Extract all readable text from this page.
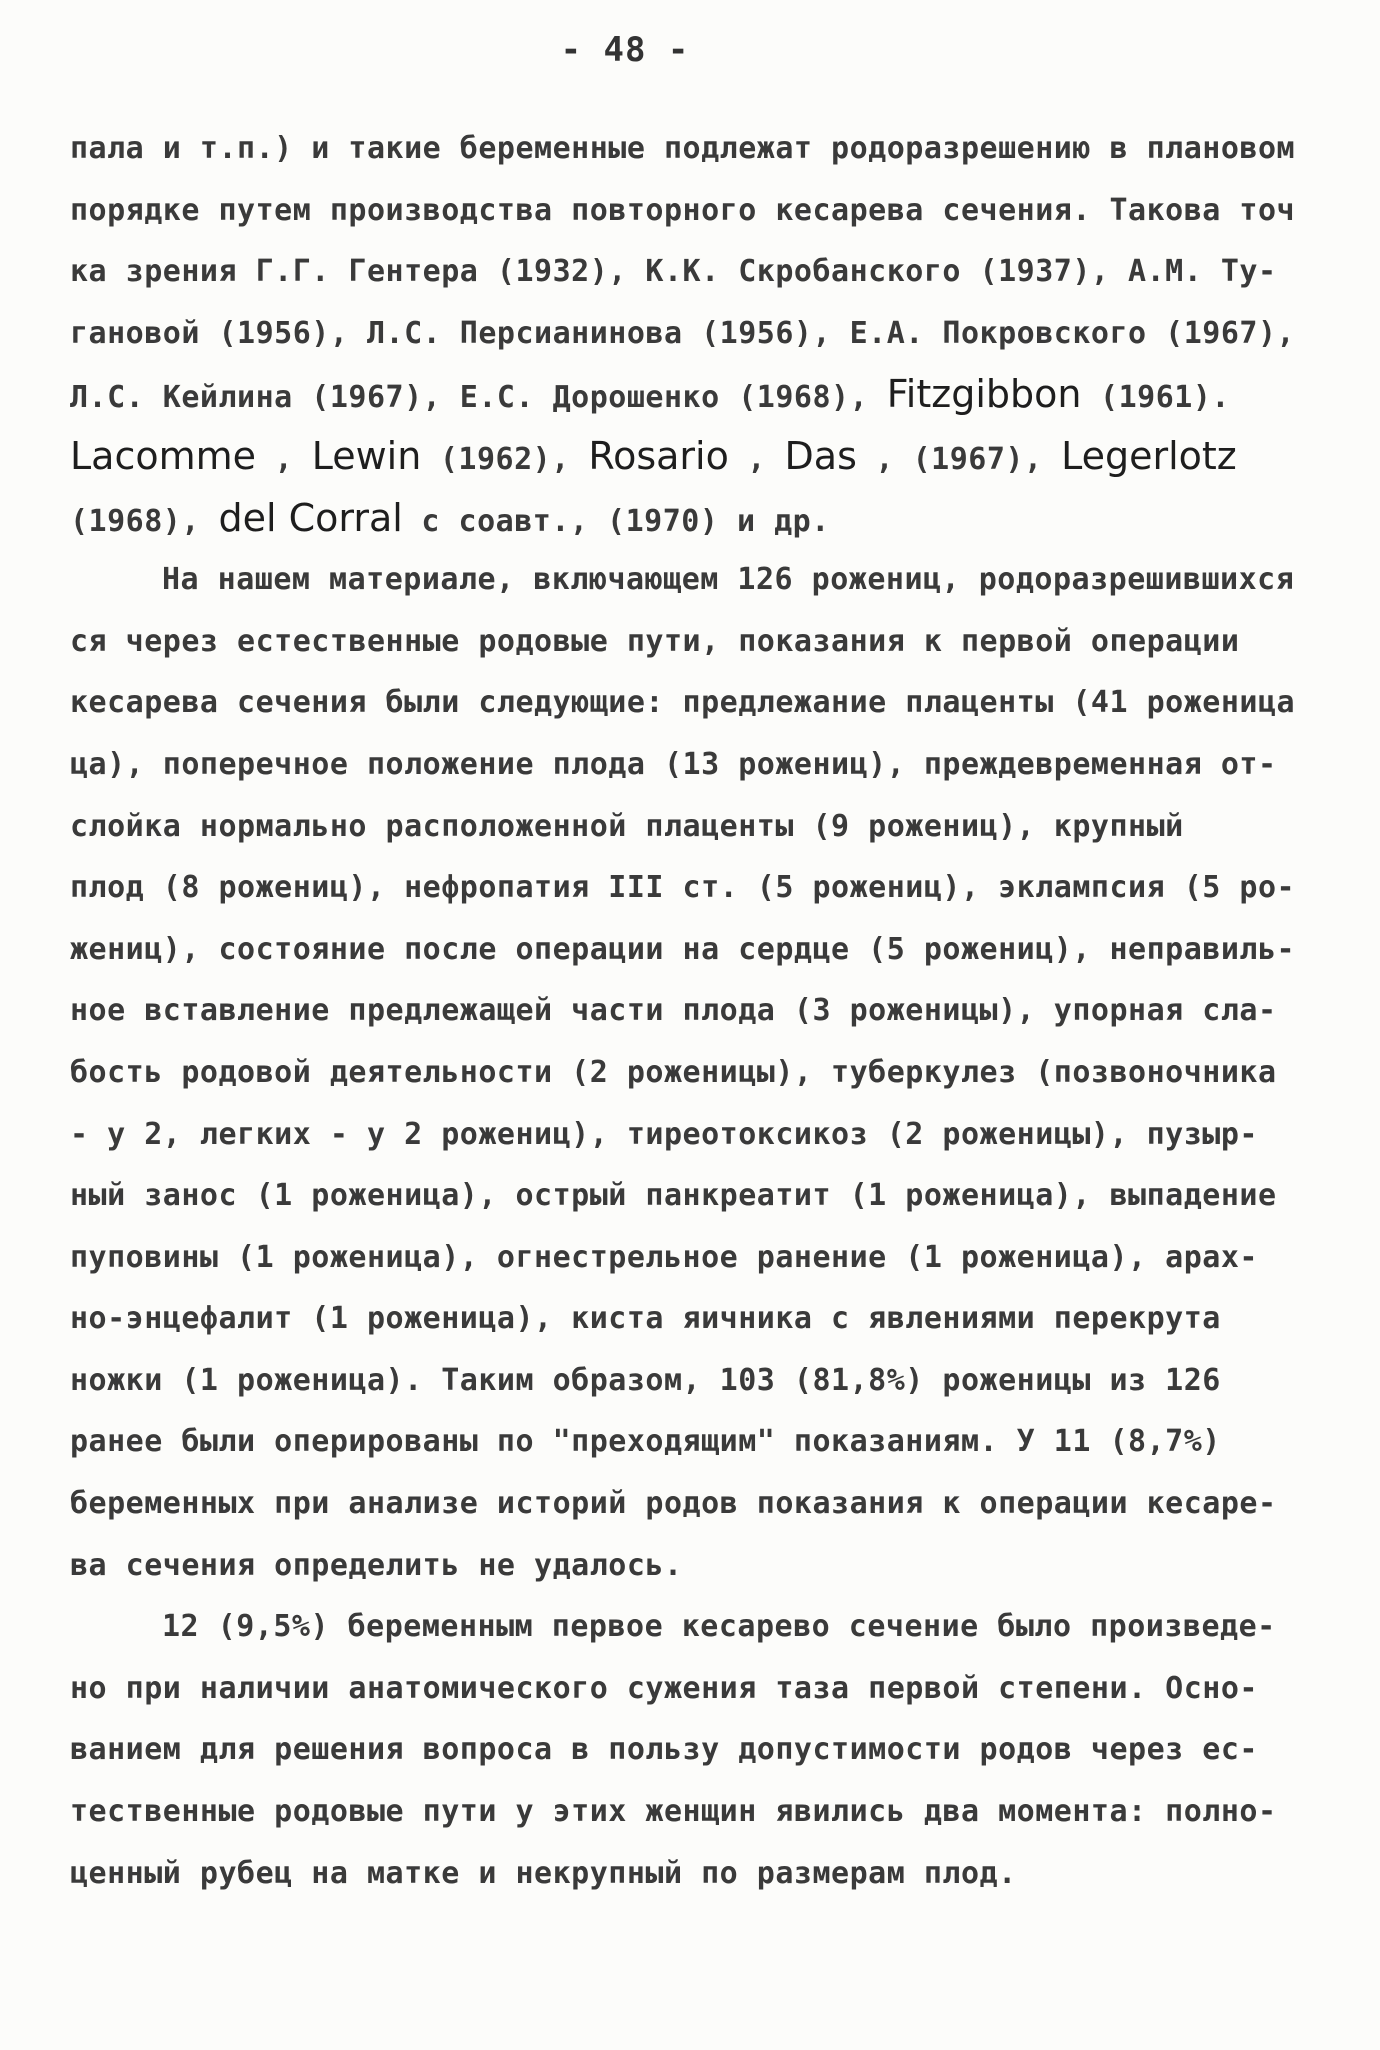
- 48 -
пала и т.п.) и такие беременные подлежат родоразрешению в плановом
порядке путем производства повторного кесарева сечения. Такова точ
ка зрения Г.Г. Гентера (1932), К.К. Скробанского (1937), А.М. Ту-
гановой (1956), Л.С. Персианинова (1956), Е.А. Покровского (1967),
Л.С. Кейлина (1967), Е.С. Дорошенко (1968), Fitzgibbon (1961).
Lacomme , Lewin (1962), Rosario , Das , (1967), Legerlotz
(1968), del Corral с соавт., (1970) и др.
На нашем материале, включающем 126 рожениц, родоразрешившихся
ся через естественные родовые пути, показания к первой операции
кесарева сечения были следующие: предлежание плаценты (41 роженица
ца), поперечное положение плода (13 рожениц), преждевременная от-
слойка нормально расположенной плаценты (9 рожениц), крупный
плод (8 рожениц), нефропатия III ст. (5 рожениц), эклампсия (5 ро-
жениц), состояние после операции на сердце (5 рожениц), неправиль-
ное вставление предлежащей части плода (3 роженицы), упорная сла-
бость родовой деятельности (2 роженицы), туберкулез (позвоночника
- у 2, легких - у 2 рожениц), тиреотоксикоз (2 роженицы), пузыр-
ный занос (1 роженица), острый панкреатит (1 роженица), выпадение
пуповины (1 роженица), огнестрельное ранение (1 роженица), арах-
но-энцефалит (1 роженица), киста яичника с явлениями перекрута
ножки (1 роженица). Таким образом, 103 (81,8%) роженицы из 126
ранее были оперированы по "преходящим" показаниям. У 11 (8,7%)
беременных при анализе историй родов показания к операции кесаре-
ва сечения определить не удалось.
12 (9,5%) беременным первое кесарево сечение было произведе-
но при наличии анатомического сужения таза первой степени. Осно-
ванием для решения вопроса в пользу допустимости родов через ес-
тественные родовые пути у этих женщин явились два момента: полно-
ценный рубец на матке и некрупный по размерам плод.
